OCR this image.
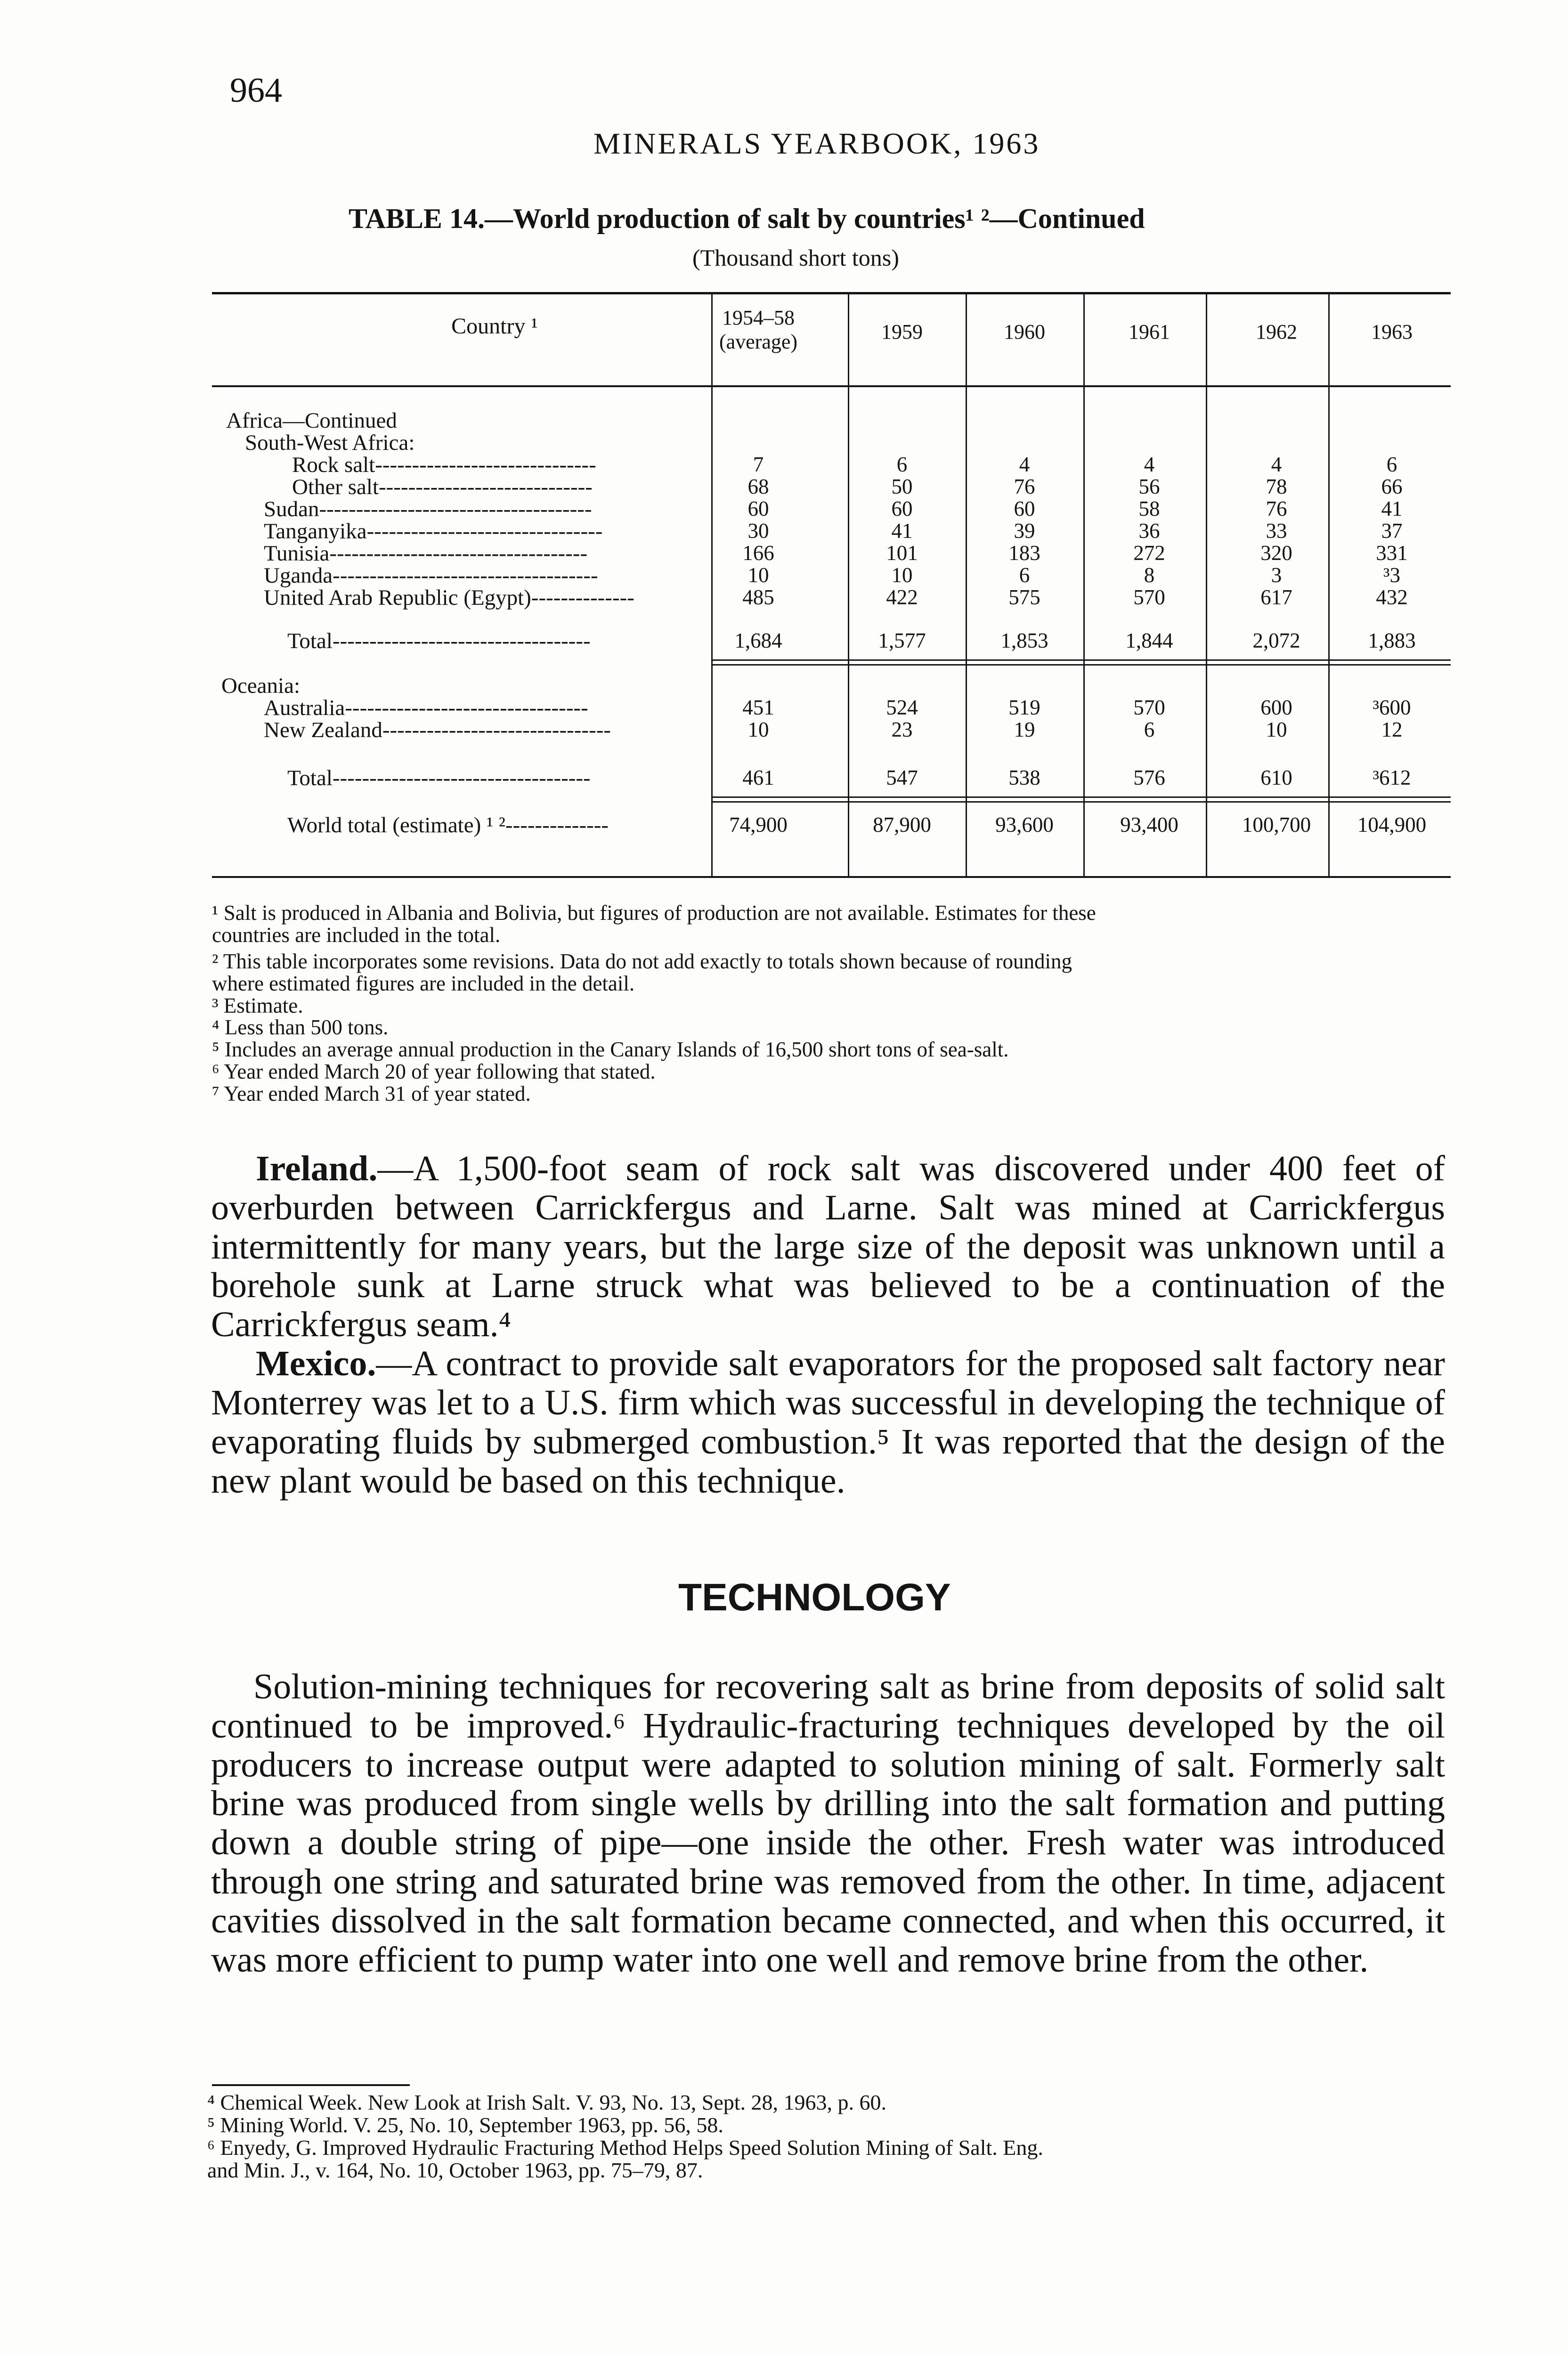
964
MINERALS YEARBOOK, 1963
TABLE 14.—World production of salt by countries¹ ²—Continued
(Thousand short tons)
Country ¹	1954–58 (average)	1959	1960	1961	1962	1963
Africa—Continued
South-West Africa:
Rock salt------------------------------	7	6	4	4	4	6
Other salt-----------------------------	68	50	76	56	78	66
Sudan-------------------------------------	60	60	60	58	76	41
Tanganyika--------------------------------	30	41	39	36	33	37
Tunisia-----------------------------------	166	101	183	272	320	331
Uganda------------------------------------	10	10	6	8	3	³3
United Arab Republic (Egypt)--------------	485	422	575	570	617	432
Total-----------------------------------	1,684	1,577	1,853	1,844	2,072	1,883
Oceania:
Australia---------------------------------	451	524	519	570	600	³600
New Zealand-------------------------------	10	23	19	6	10	12
Total-----------------------------------	461	547	538	576	610	³612
World total (estimate) ¹ ²--------------	74,900	87,900	93,600	93,400	100,700	104,900
¹ Salt is produced in Albania and Bolivia, but figures of production are not available. Estimates for these
countries are included in the total.
² This table incorporates some revisions. Data do not add exactly to totals shown because of rounding
where estimated figures are included in the detail.
³ Estimate.
⁴ Less than 500 tons.
⁵ Includes an average annual production in the Canary Islands of 16,500 short tons of sea-salt.
⁶ Year ended March 20 of year following that stated.
⁷ Year ended March 31 of year stated.

Ireland.—A 1,500-foot seam of rock salt was discovered under 400 feet of overburden between Carrickfergus and Larne. Salt was mined at Carrickfergus intermittently for many years, but the large size of the deposit was unknown until a borehole sunk at Larne struck what was believed to be a continuation of the Carrickfergus seam.⁴

Mexico.—A contract to provide salt evaporators for the proposed salt factory near Monterrey was let to a U.S. firm which was successful in developing the technique of evaporating fluids by submerged combustion.⁵ It was reported that the design of the new plant would be based on this technique.

TECHNOLOGY

Solution-mining techniques for recovering salt as brine from deposits of solid salt continued to be improved.⁶ Hydraulic-fracturing techniques developed by the oil producers to increase output were adapted to solution mining of salt. Formerly salt brine was produced from single wells by drilling into the salt formation and putting down a double string of pipe—one inside the other. Fresh water was introduced through one string and saturated brine was removed from the other. In time, adjacent cavities dissolved in the salt formation became connected, and when this occurred, it was more efficient to pump water into one well and remove brine from the other.

⁴ Chemical Week. New Look at Irish Salt. V. 93, No. 13, Sept. 28, 1963, p. 60.
⁵ Mining World. V. 25, No. 10, September 1963, pp. 56, 58.
⁶ Enyedy, G. Improved Hydraulic Fracturing Method Helps Speed Solution Mining of Salt. Eng.
and Min. J., v. 164, No. 10, October 1963, pp. 75–79, 87.
